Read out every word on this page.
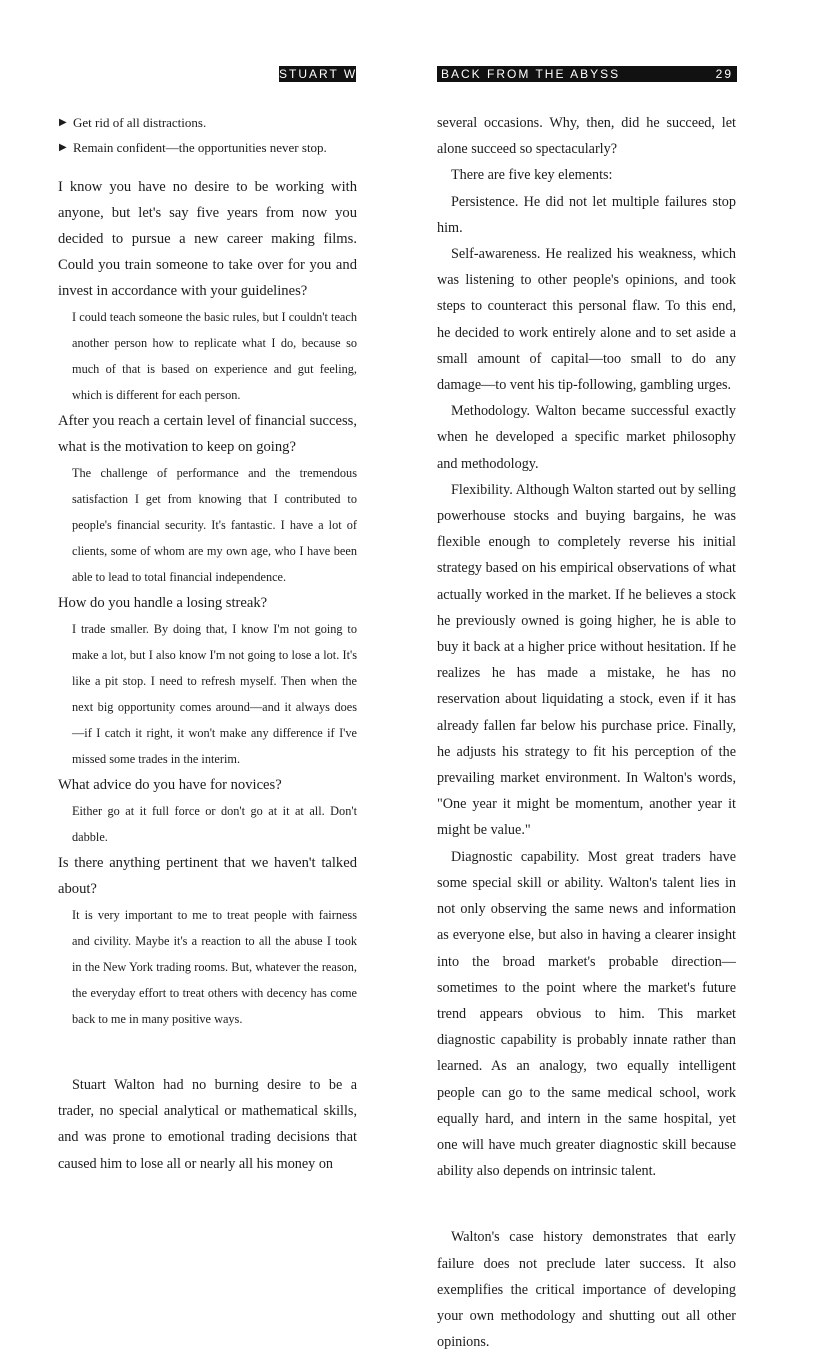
STUART WALTON	BACK FROM THE ABYSS	29
▶ Get rid of all distractions.
▶ Remain confident—the opportunities never stop.

I know you have no desire to be working with anyone, but let's say five years from now you decided to pursue a new career making films. Could you train someone to take over for you and invest in accordance with your guidelines?

I could teach someone the basic rules, but I couldn't teach another person how to replicate what I do, because so much of that is based on experience and gut feeling, which is different for each person.

After you reach a certain level of financial success, what is the motivation to keep on going?

The challenge of performance and the tremendous satisfaction I get from knowing that I contributed to people's financial security. It's fantastic. I have a lot of clients, some of whom are my own age, who I have been able to lead to total financial independence.

How do you handle a losing streak?

I trade smaller. By doing that, I know I'm not going to make a lot, but I also know I'm not going to lose a lot. It's like a pit stop. I need to refresh myself. Then when the next big opportunity comes around—and it always does—if I catch it right, it won't make any difference if I've missed some trades in the interim.

What advice do you have for novices?

Either go at it full force or don't go at it at all. Don't dabble.

Is there anything pertinent that we haven't talked about?

It is very important to me to treat people with fairness and civility. Maybe it's a reaction to all the abuse I took in the New York trading rooms. But, whatever the reason, the everyday effort to treat others with decency has come back to me in many positive ways.

Stuart Walton had no burning desire to be a trader, no special analytical or mathematical skills, and was prone to emotional trading decisions that caused him to lose all or nearly all his money on

several occasions. Why, then, did he succeed, let alone succeed so spectacularly?

There are five key elements:

Persistence. He did not let multiple failures stop him.

Self-awareness. He realized his weakness, which was listening to other people's opinions, and took steps to counteract this personal flaw. To this end, he decided to work entirely alone and to set aside a small amount of capital—too small to do any damage—to vent his tip-following, gambling urges.

Methodology. Walton became successful exactly when he developed a specific market philosophy and methodology.

Flexibility. Although Walton started out by selling powerhouse stocks and buying bargains, he was flexible enough to completely reverse his initial strategy based on his empirical observations of what actually worked in the market. If he believes a stock he previously owned is going higher, he is able to buy it back at a higher price without hesitation. If he realizes he has made a mistake, he has no reservation about liquidating a stock, even if it has already fallen far below his purchase price. Finally, he adjusts his strategy to fit his perception of the prevailing market environment. In Walton's words, "One year it might be momentum, another year it might be value."

Diagnostic capability. Most great traders have some special skill or ability. Walton's talent lies in not only observing the same news and information as everyone else, but also in having a clearer insight into the broad market's probable direction—sometimes to the point where the market's future trend appears obvious to him. This market diagnostic capability is probably innate rather than learned. As an analogy, two equally intelligent people can go to the same medical school, work equally hard, and intern in the same hospital, yet one will have much greater diagnostic skill because ability also depends on intrinsic talent.

Walton's case history demonstrates that early failure does not preclude later success. It also exemplifies the critical importance of developing your own methodology and shutting out all other opinions.
